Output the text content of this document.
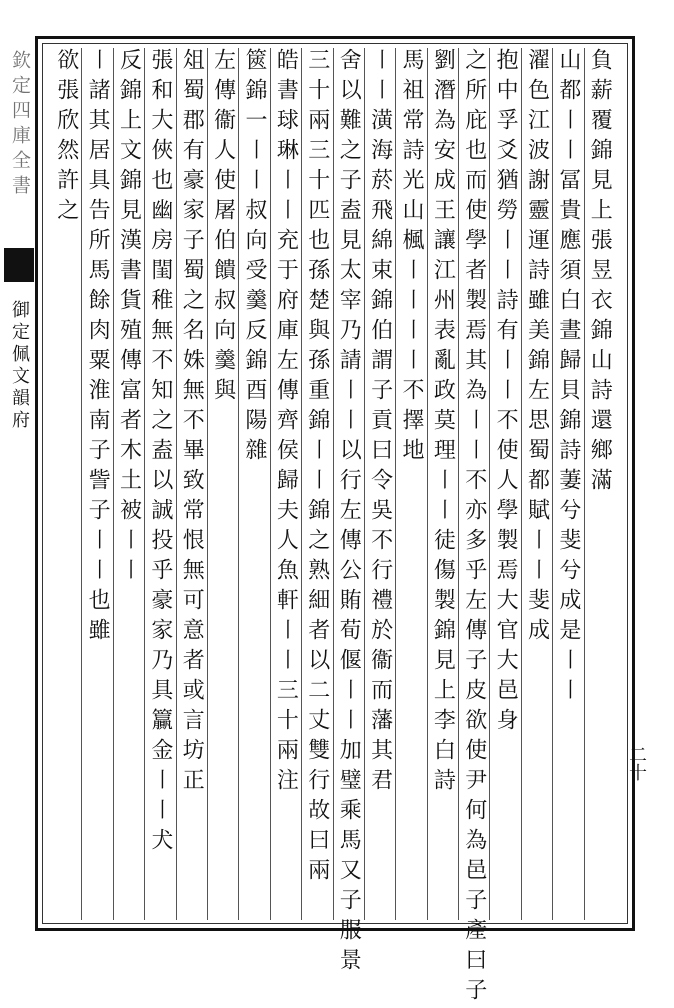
欽定四庫全書
御定佩文韻府
二十
負薪覆錦見上張昱衣錦山詩還鄉滿
山都〡〡冨貴應須白晝歸貝錦詩萋兮斐兮成是〡〡
濯色江波謝靈運詩雖美錦左思蜀都賦〡〡斐成
抱中孚爻猶勞〡〡詩有〡〡不使人學製焉大官大邑身
之所庇也而使學者製焉其為〡〡不亦多乎左傳子皮欲使尹何為邑子產曰子
劉潛為安成王讓江州表亂政莫理〡〡徒傷製錦見上李白詩
馬祖常詩光山楓〡〡〡〡不擇地
〡〡潢海菸飛綿束錦伯謂子貢曰令吳不行禮於衞而藩其君
舍以難之子盍見太宰乃請〡〡以行左傳公賄荀偃〡〡加璧乘馬又子服景
三十兩三十匹也孫楚與孫重錦〡〡錦之熟細者以二丈雙行故曰兩
皓書球琳〡〡充于府庫左傳齊侯歸夫人魚軒〡〡三十兩注
篋錦一〡〡叔向受羹反錦酉陽雜
左傳衞人使屠伯饋叔向羹與
俎蜀郡有豪家子蜀之名姝無不畢致常恨無可意者或言坊正
張和大俠也幽房閨稚無不知之盍以誠投乎豪家乃具籯金〡〡犬
反錦上文錦見漢書貨殖傳富者木土被〡〡
〡諸其居具告所馬餘肉粟淮南子訾子〡〡也雖
欲張欣然許之
